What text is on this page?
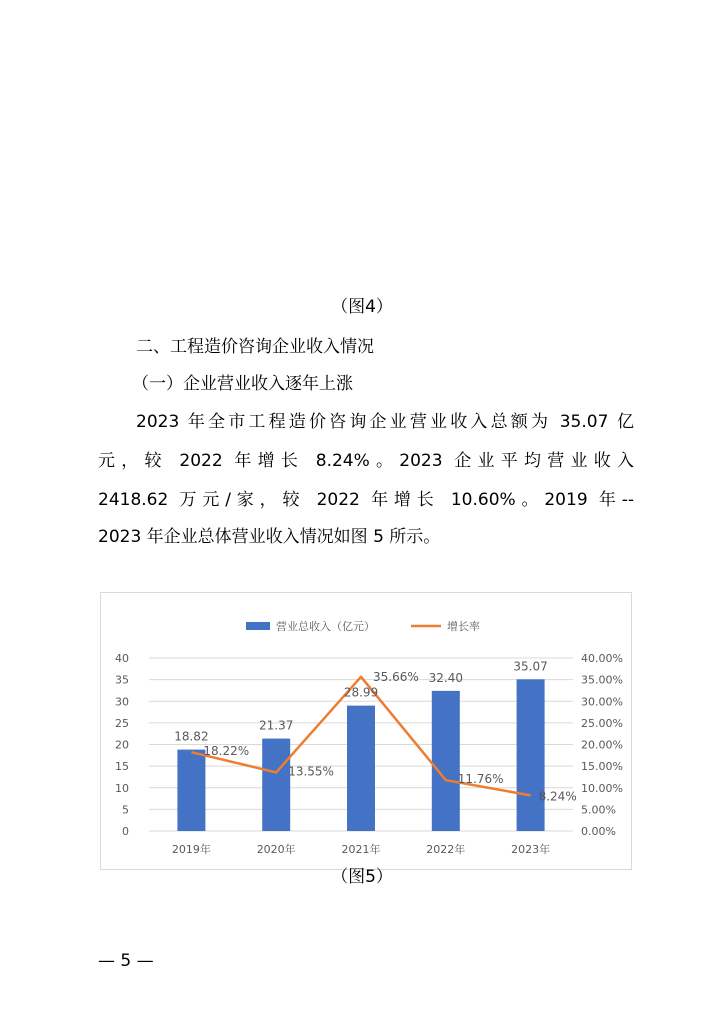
（图4）
二、工程造价咨询企业收入情况
（一）企业营业收入逐年上涨
2023 年全市工程造价咨询企业营业收入总额为 35.07 亿
元，较 2022 年增长 8.24%。2023 企业平均营业收入
2418.62 万元/家，较 2022 年增长 10.60%。2019 年--
2023 年企业总体营业收入情况如图 5 所示。
0	0.00%
5	5.00%
10	10.00%
15	15.00%
20	20.00%
25	25.00%
30	30.00%
35	35.00%
40	40.00%
18.82
21.37
28.99
32.40
35.07
18.22%
13.55%
35.66%
11.76%
8.24%
2019年	2020年	2021年	2022年	2023年
营业总收入（亿元）	增长率
（图5）
— 5 —
